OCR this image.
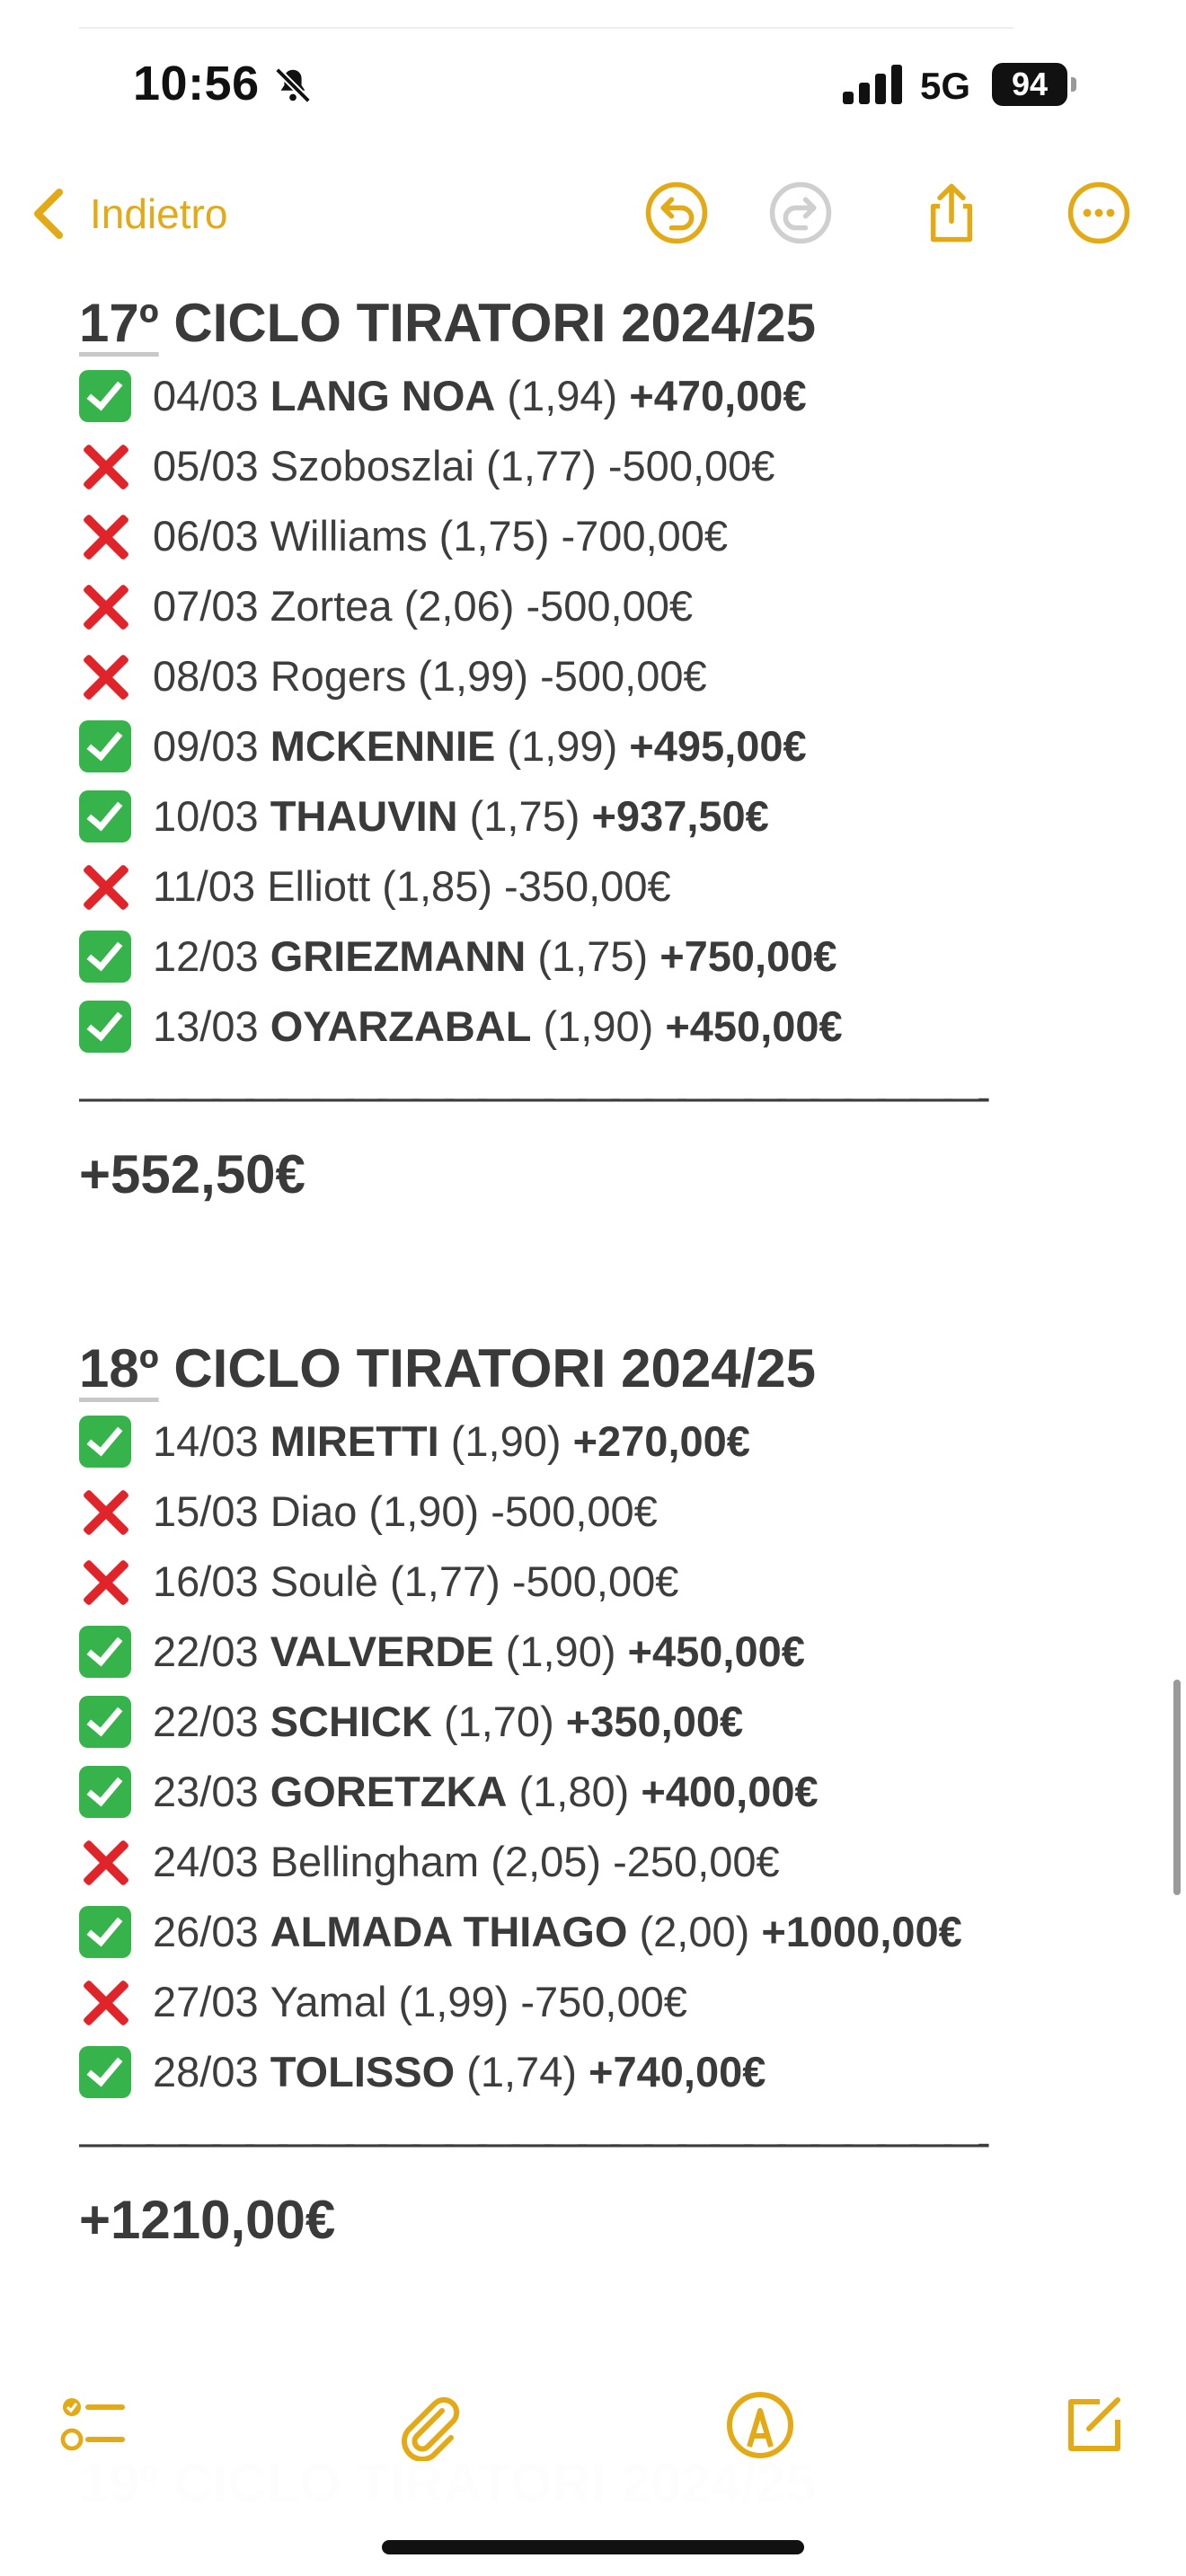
10:56	5G	94
Indietro
17º CICLO TIRATORI 2024/25
04/03
LANG NOA
(1,94)
+470,00€
05/03
Szoboszlai
(1,77)
-500,00€
06/03
Williams
(1,75)
-700,00€
07/03
Zortea
(2,06)
-500,00€
08/03
Rogers
(1,99)
-500,00€
09/03
MCKENNIE
(1,99)
+495,00€
10/03
THAUVIN
(1,75)
+937,50€
11/03
Elliott
(1,85)
-350,00€
12/03
GRIEZMANN
(1,75)
+750,00€
13/03
OYARZABAL
(1,90)
+450,00€
———————————————————————————-
+552,50€
18º CICLO TIRATORI 2024/25
14/03
MIRETTI
(1,90)
+270,00€
15/03
Diao
(1,90)
-500,00€
16/03
Soulè
(1,77)
-500,00€
22/03
VALVERDE
(1,90)
+450,00€
22/03
SCHICK
(1,70)
+350,00€
23/03
GORETZKA
(1,80)
+400,00€
24/03
Bellingham
(2,05)
-250,00€
26/03
ALMADA THIAGO
(2,00)
+1000,00€
27/03
Yamal
(1,99)
-750,00€
28/03
TOLISSO
(1,74)
+740,00€
———————————————————————————-
+1210,00€
